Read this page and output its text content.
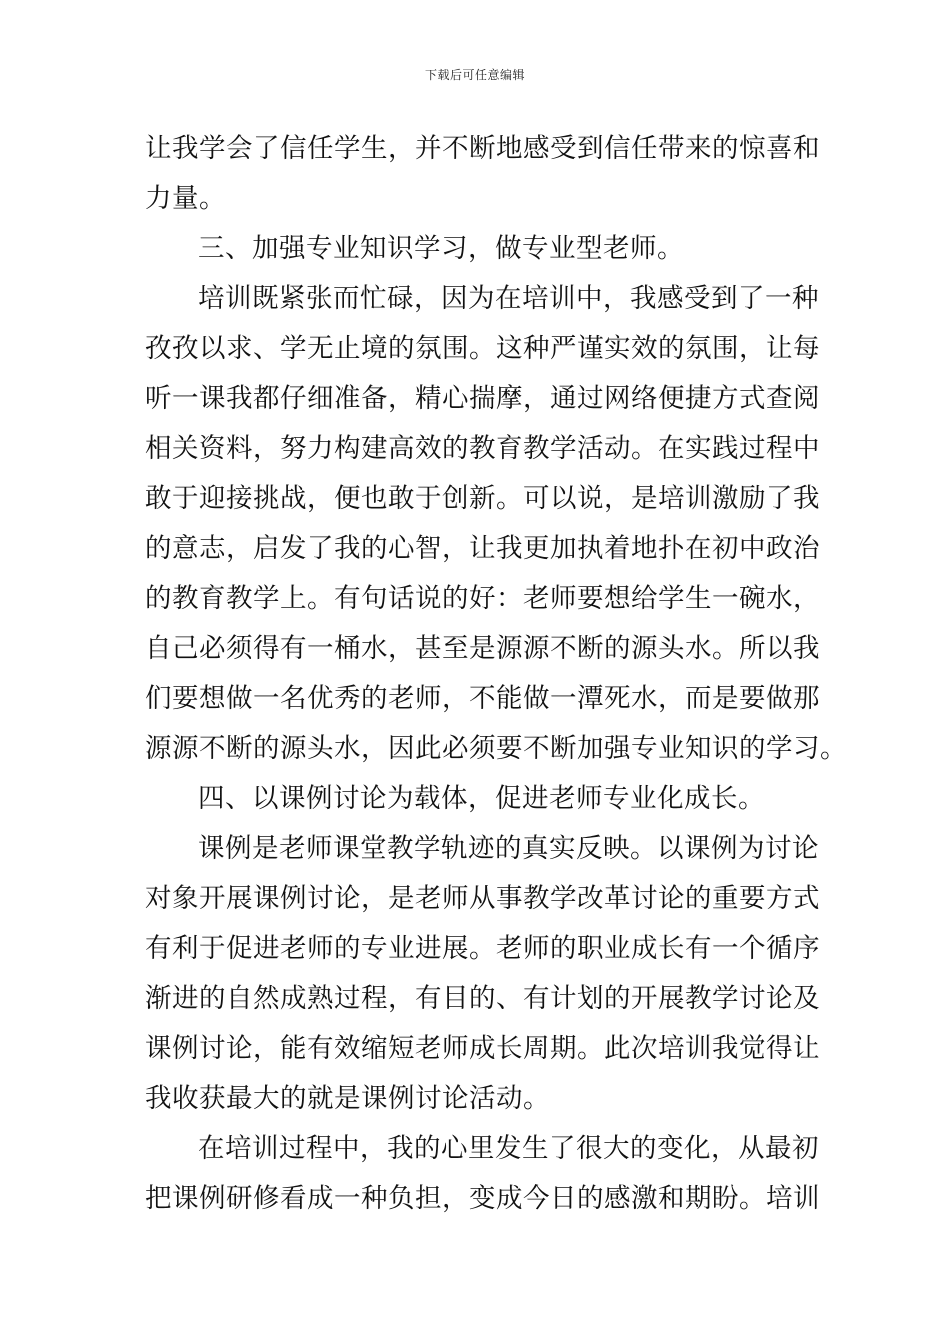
下载后可任意编辑
让我学会了信任学生，并不断地感受到信任带来的惊喜和
力量。
三、加强专业知识学习，做专业型老师。
培训既紧张而忙碌，因为在培训中，我感受到了一种
孜孜以求、学无止境的氛围。这种严谨实效的氛围，让每
听一课我都仔细准备，精心揣摩，通过网络便捷方式查阅
相关资料，努力构建高效的教育教学活动。在实践过程中
敢于迎接挑战，便也敢于创新。可以说，是培训激励了我
的意志，启发了我的心智，让我更加执着地扑在初中政治
的教育教学上。有句话说的好：老师要想给学生一碗水，
自己必须得有一桶水，甚至是源源不断的源头水。所以我
们要想做一名优秀的老师，不能做一潭死水，而是要做那
源源不断的源头水，因此必须要不断加强专业知识的学习。
四、以课例讨论为载体，促进老师专业化成长。
课例是老师课堂教学轨迹的真实反映。以课例为讨论
对象开展课例讨论，是老师从事教学改革讨论的重要方式
有利于促进老师的专业进展。老师的职业成长有一个循序
渐进的自然成熟过程，有目的、有计划的开展教学讨论及
课例讨论，能有效缩短老师成长周期。此次培训我觉得让
我收获最大的就是课例讨论活动。
在培训过程中，我的心里发生了很大的变化，从最初
把课例研修看成一种负担，变成今日的感激和期盼。培训
